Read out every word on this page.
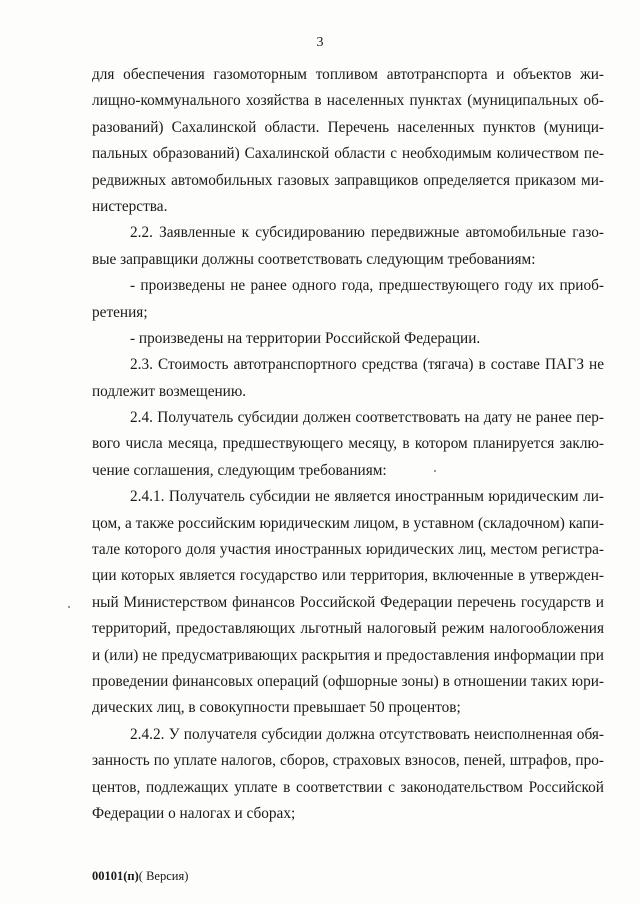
3
для обеспечения газомоторным топливом автотранспорта и объектов жи-
лищно-коммунального хозяйства в населенных пунктах (муниципальных об-
разований) Сахалинской области. Перечень населенных пунктов (муници-
пальных образований) Сахалинской области с необходимым количеством пе-
редвижных автомобильных газовых заправщиков определяется приказом ми-
нистерства.
2.2. Заявленные к субсидированию передвижные автомобильные газо-
вые заправщики должны соответствовать следующим требованиям:
- произведены не ранее одного года, предшествующего году их приоб-
ретения;
- произведены на территории Российской Федерации.
2.3. Стоимость автотранспортного средства (тягача) в составе ПАГЗ не
подлежит возмещению.
2.4. Получатель субсидии должен соответствовать на дату не ранее пер-
вого числа месяца, предшествующего месяцу, в котором планируется заклю-
чение соглашения, следующим требованиям:
2.4.1. Получатель субсидии не является иностранным юридическим ли-
цом, а также российским юридическим лицом, в уставном (складочном) капи-
тале которого доля участия иностранных юридических лиц, местом регистра-
ции которых является государство или территория, включенные в утвержден-
ный Министерством финансов Российской Федерации перечень государств и
территорий, предоставляющих льготный налоговый режим налогообложения
и (или) не предусматривающих раскрытия и предоставления информации при
проведении финансовых операций (офшорные зоны) в отношении таких юри-
дических лиц, в совокупности превышает 50 процентов;
2.4.2. У получателя субсидии должна отсутствовать неисполненная обя-
занность по уплате налогов, сборов, страховых взносов, пеней, штрафов, про-
центов, подлежащих уплате в соответствии с законодательством Российской
Федерации о налогах и сборах;
00101(п)( Версия)
